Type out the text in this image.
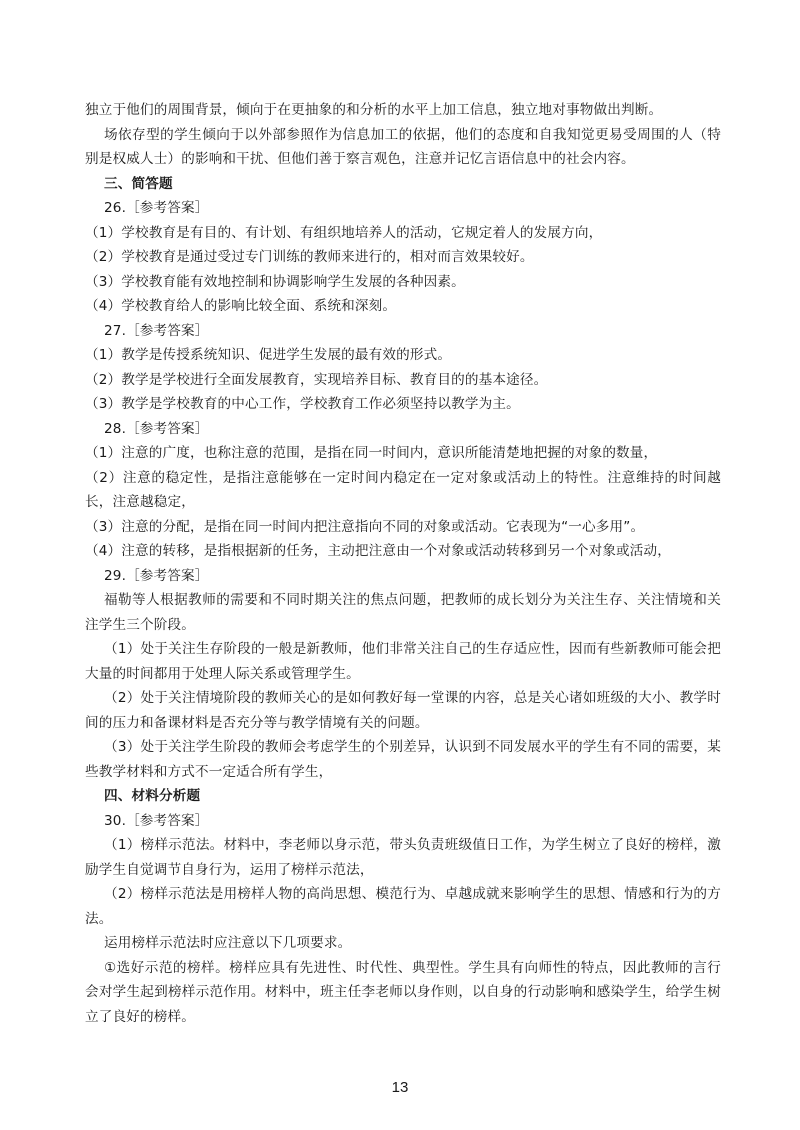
独立于他们的周围背景，倾向于在更抽象的和分析的水平上加工信息，独立地对事物做出判断。

场依存型的学生倾向于以外部参照作为信息加工的依据，他们的态度和自我知觉更易受周围的人（特别是权威人士）的影响和干扰、但他们善于察言观色，注意并记忆言语信息中的社会内容。

三、简答题

26.［参考答案］

（1）学校教育是有目的、有计划、有组织地培养人的活动，它规定着人的发展方向，

（2）学校教育是通过受过专门训练的教师来进行的，相对而言效果较好。

（3）学校教育能有效地控制和协调影响学生发展的各种因素。

（4）学校教育给人的影响比较全面、系统和深刻。

27.［参考答案］

（1）教学是传授系统知识、促进学生发展的最有效的形式。

（2）教学是学校进行全面发展教育，实现培养目标、教育目的的基本途径。

（3）教学是学校教育的中心工作，学校教育工作必须坚持以教学为主。

28.［参考答案］

（1）注意的广度，也称注意的范围，是指在同一时间内，意识所能清楚地把握的对象的数量，

（2）注意的稳定性，是指注意能够在一定时间内稳定在一定对象或活动上的特性。注意维持的时间越长，注意越稳定，

（3）注意的分配，是指在同一时间内把注意指向不同的对象或活动。它表现为“一心多用”。

（4）注意的转移，是指根据新的任务，主动把注意由一个对象或活动转移到另一个对象或活动，

29.［参考答案］

福勒等人根据教师的需要和不同时期关注的焦点问题，把教师的成长划分为关注生存、关注情境和关注学生三个阶段。

（1）处于关注生存阶段的一般是新教师，他们非常关注自己的生存适应性，因而有些新教师可能会把大量的时间都用于处理人际关系或管理学生。

（2）处于关注情境阶段的教师关心的是如何教好每一堂课的内容，总是关心诸如班级的大小、教学时间的压力和备课材料是否充分等与教学情境有关的问题。

（3）处于关注学生阶段的教师会考虑学生的个别差异，认识到不同发展水平的学生有不同的需要，某些教学材料和方式不一定适合所有学生，

四、材料分析题

30.［参考答案］

（1）榜样示范法。材料中，李老师以身示范，带头负责班级值日工作，为学生树立了良好的榜样，激励学生自觉调节自身行为，运用了榜样示范法，

（2）榜样示范法是用榜样人物的高尚思想、模范行为、卓越成就来影响学生的思想、情感和行为的方法。

运用榜样示范法时应注意以下几项要求。

①选好示范的榜样。榜样应具有先进性、时代性、典型性。学生具有向师性的特点，因此教师的言行会对学生起到榜样示范作用。材料中，班主任李老师以身作则，以自身的行动影响和感染学生，给学生树立了良好的榜样。

13
